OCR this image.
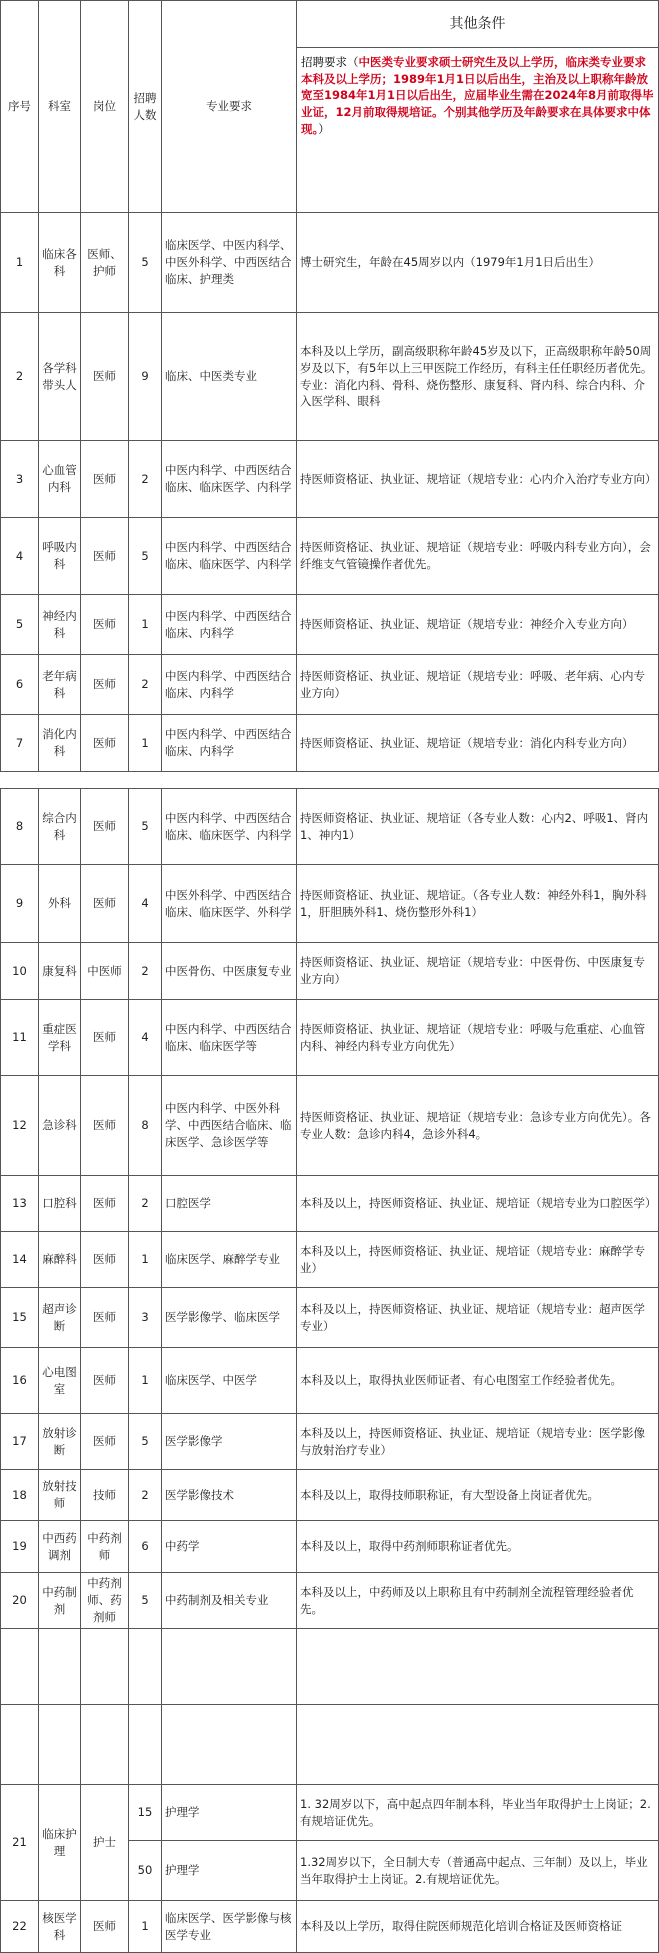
序号	科室	岗位	招聘人数	专业要求	其他条件
招聘要求（中医类专业要求硕士研究生及以上学历，临床类专业要求本科及以上学历；1989年1月1日以后出生，主治及以上职称年龄放宽至1984年1月1日以后出生，应届毕业生需在2024年8月前取得毕业证，12月前取得规培证。个别其他学历及年龄要求在具体要求中体现。）

1	临床各科	医师、护师	5	临床医学、中医内科学、中医外科学、中西医结合临床、护理类	博士研究生，年龄在45周岁以内（1979年1月1日后出生）
2	各学科带头人	医师	9	临床、中医类专业	本科及以上学历，副高级职称年龄45岁及以下，正高级职称年龄50周岁及以下，有5年以上三甲医院工作经历，有科主任任职经历者优先。专业：消化内科、骨科、烧伤整形、康复科、肾内科、综合内科、介入医学科、眼科
3	心血管内科	医师	2	中医内科学、中西医结合临床、临床医学、内科学	持医师资格证、执业证、规培证（规培专业：心内介入治疗专业方向）
4	呼吸内科	医师	5	中医内科学、中西医结合临床、临床医学、内科学	持医师资格证、执业证、规培证（规培专业：呼吸内科专业方向），会纤维支气管镜操作者优先。
5	神经内科	医师	1	中医内科学、中西医结合临床、内科学	持医师资格证、执业证、规培证（规培专业：神经介入专业方向）
6	老年病科	医师	2	中医内科学、中西医结合临床、内科学	持医师资格证、执业证、规培证（规培专业：呼吸、老年病、心内专业方向）
7	消化内科	医师	1	中医内科学、中西医结合临床、内科学	持医师资格证、执业证、规培证（规培专业：消化内科专业方向）
8	综合内科	医师	5	中医内科学、中西医结合临床、临床医学、内科学	持医师资格证、执业证、规培证（各专业人数：心内2、呼吸1、肾内1、神内1）
9	外科	医师	4	中医外科学、中西医结合临床、临床医学、外科学	持医师资格证、执业证、规培证。（各专业人数：神经外科1，胸外科1，肝胆胰外科1、烧伤整形外科1）
10	康复科	中医师	2	中医骨伤、中医康复专业	持医师资格证、执业证、规培证（规培专业：中医骨伤、中医康复专业方向）
11	重症医学科	医师	4	中医内科学、中西医结合临床、临床医学等	持医师资格证、执业证、规培证（规培专业：呼吸与危重症、心血管内科、神经内科专业方向优先）
12	急诊科	医师	8	中医内科学、中医外科学、中西医结合临床、临床医学、急诊医学等	持医师资格证、执业证、规培证（规培专业：急诊专业方向优先）。各专业人数：急诊内科4，急诊外科4。
13	口腔科	医师	2	口腔医学	本科及以上，持医师资格证、执业证、规培证（规培专业为口腔医学）
14	麻醉科	医师	1	临床医学、麻醉学专业	本科及以上，持医师资格证、执业证、规培证（规培专业：麻醉学专业）
15	超声诊断	医师	3	医学影像学、临床医学	本科及以上，持医师资格证、执业证、规培证（规培专业：超声医学专业）
16	心电图室	医师	1	临床医学、中医学	本科及以上，取得执业医师证者、有心电图室工作经验者优先。
17	放射诊断	医师	5	医学影像学	本科及以上，持医师资格证、执业证、规培证（规培专业：医学影像与放射治疗专业）
18	放射技师	技师	2	医学影像技术	本科及以上，取得技师职称证，有大型设备上岗证者优先。
19	中西药调剂	中药剂师	6	中药学	本科及以上，取得中药剂师职称证者优先。
20	中药制剂	中药剂师、药剂师	5	中药制剂及相关专业	本科及以上，中药师及以上职称且有中药制剂全流程管理经验者优先。

21	临床护理	护士	15	护理学	1. 32周岁以下，高中起点四年制本科，毕业当年取得护士上岗证；2.有规培证优先。
			50	护理学	1.32周岁以下，全日制大专（普通高中起点、三年制）及以上，毕业当年取得护士上岗证。2.有规培证优先。
22	核医学科	医师	1	临床医学、医学影像与核医学专业	本科及以上学历，取得住院医师规范化培训合格证及医师资格证
